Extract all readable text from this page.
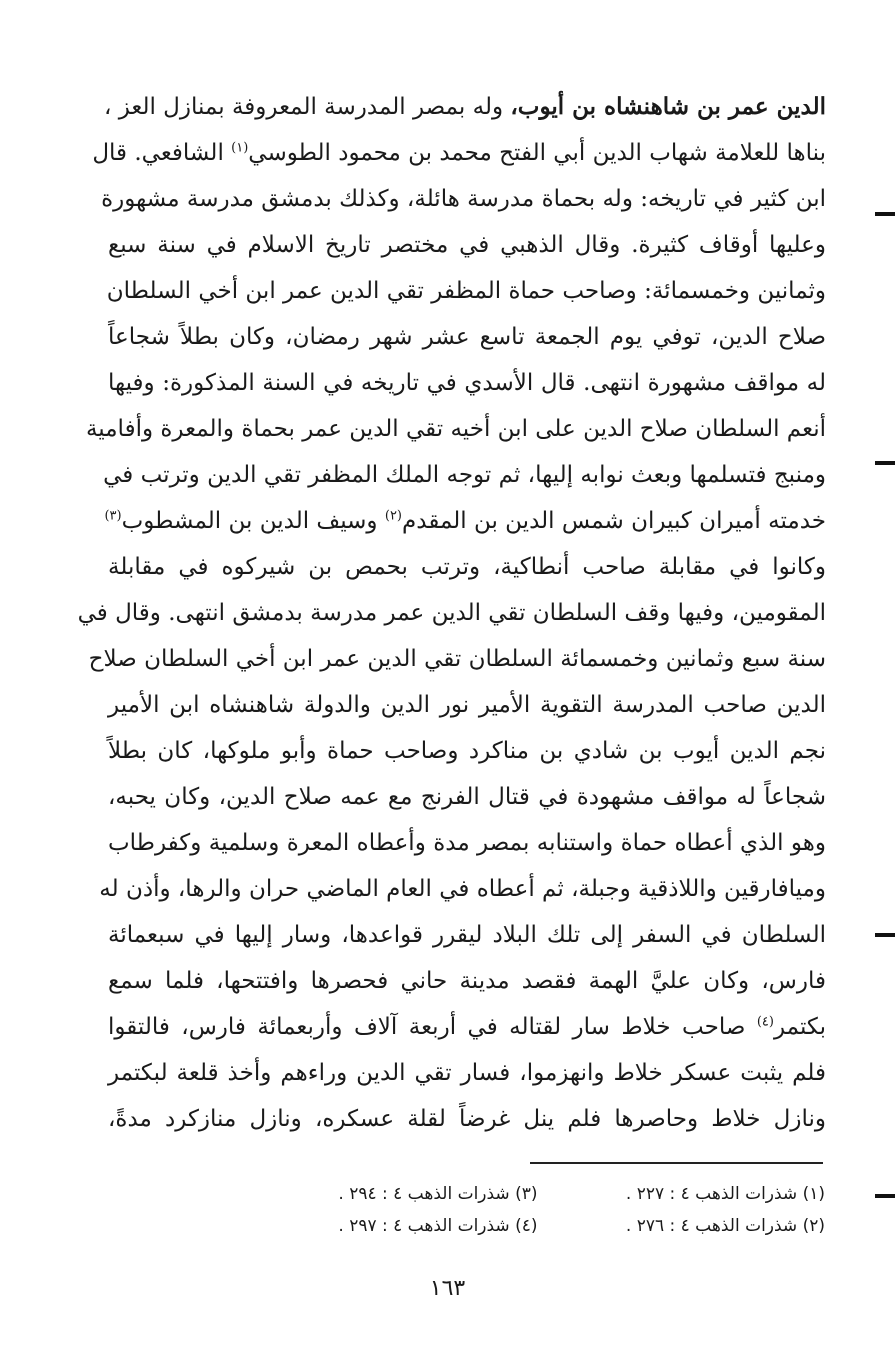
الدين عمر بن شاهنشاه بن أيوب، وله بمصر المدرسة المعروفة بمنازل العز ،
بناها للعلامة شهاب الدين أبي الفتح محمد بن محمود الطوسي$^{(١)}$ الشافعي. قال
ابن كثير في تاريخه: وله بحماة مدرسة هائلة، وكذلك بدمشق مدرسة مشهورة
وعليها أوقاف كثيرة. وقال الذهبي في مختصر تاريخ الاسلام في سنة سبع
وثمانين وخمسمائة: وصاحب حماة المظفر تقي الدين عمر ابن أخي السلطان
صلاح الدين، توفي يوم الجمعة تاسع عشر شهر رمضان، وكان بطلاً شجاعاً
له مواقف مشهورة انتهى. قال الأسدي في تاريخه في السنة المذكورة: وفيها
أنعم السلطان صلاح الدين على ابن أخيه تقي الدين عمر بحماة والمعرة وأفامية
ومنبج فتسلمها وبعث نوابه إليها، ثم توجه الملك المظفر تقي الدين وترتب في
خدمته أميران كبيران شمس الدين بن المقدم$^{(٢)}$ وسيف الدين بن المشطوب$^{(٣)}$
وكانوا في مقابلة صاحب أنطاكية، وترتب بحمص بن شيركوه في مقابلة
المقومين، وفيها وقف السلطان تقي الدين عمر مدرسة بدمشق انتهى. وقال في
سنة سبع وثمانين وخمسمائة السلطان تقي الدين عمر ابن أخي السلطان صلاح
الدين صاحب المدرسة التقوية الأمير نور الدين والدولة شاهنشاه ابن الأمير
نجم الدين أيوب بن شادي بن مناكرد وصاحب حماة وأبو ملوكها، كان بطلاً
شجاعاً له مواقف مشهودة في قتال الفرنج مع عمه صلاح الدين، وكان يحبه،
وهو الذي أعطاه حماة واستنابه بمصر مدة وأعطاه المعرة وسلمية وكفرطاب
وميافارقين واللاذقية وجبلة، ثم أعطاه في العام الماضي حران والرها، وأذن له
السلطان في السفر إلى تلك البلاد ليقرر قواعدها، وسار إليها في سبعمائة
فارس، وكان عليَّ الهمة فقصد مدينة حاني فحصرها وافتتحها، فلما سمع
بكتمر$^{(٤)}$ صاحب خلاط سار لقتاله في أربعة آلاف وأربعمائة فارس، فالتقوا
فلم يثبت عسكر خلاط وانهزموا، فسار تقي الدين وراءهم وأخذ قلعة لبكتمر
ونازل خلاط وحاصرها فلم ينل غرضاً لقلة عسكره، ونازل منازكرد مدةً،
(١) شذرات الذهب ٤ : ٢٢٧ .
(٣) شذرات الذهب ٤ : ٢٩٤ .
(٢) شذرات الذهب ٤ : ٢٧٦ .
(٤) شذرات الذهب ٤ : ٢٩٧ .
١٦٣
